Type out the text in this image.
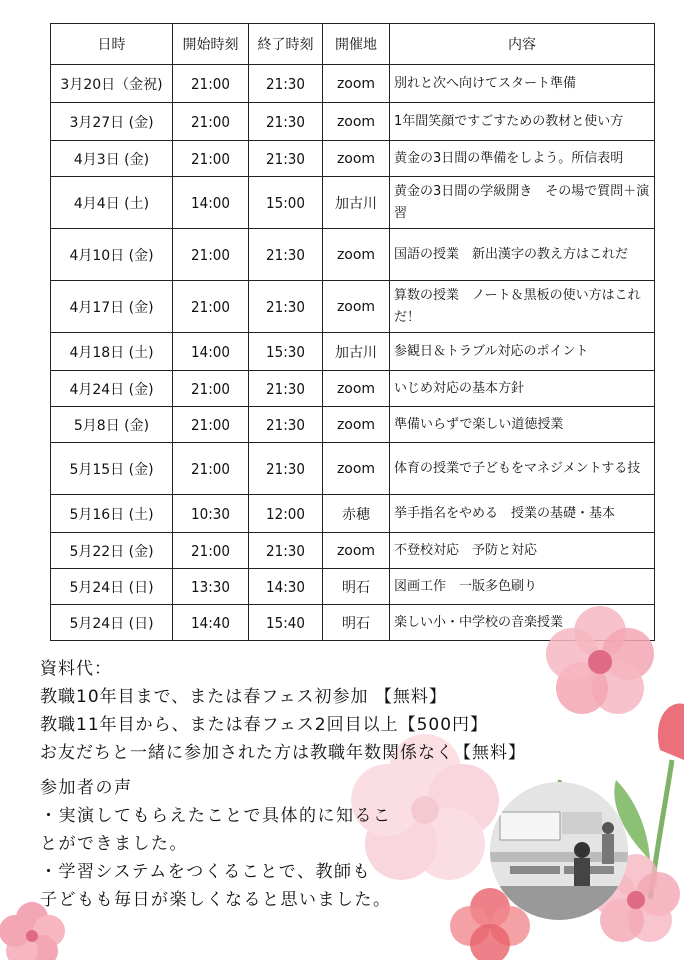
日時	開始時刻	終了時刻	開催地	内容
3月20日（金祝)	21:00	21:30	zoom	別れと次へ向けてスタート準備
3月27日 (金)	21:00	21:30	zoom	1年間笑顔ですごすための教材と使い方
4月3日 (金)	21:00	21:30	zoom	黄金の3日間の準備をしよう。所信表明
4月4日 (土)	14:00	15:00	加古川	黄金の3日間の学級開き　その場で質問＋演習
4月10日 (金)	21:00	21:30	zoom	国語の授業　新出漢字の教え方はこれだ
4月17日 (金)	21:00	21:30	zoom	算数の授業　ノート＆黒板の使い方はこれだ！
4月18日 (土)	14:00	15:30	加古川	参観日＆トラブル対応のポイント
4月24日 (金)	21:00	21:30	zoom	いじめ対応の基本方針
5月8日 (金)	21:00	21:30	zoom	準備いらずで楽しい道徳授業
5月15日 (金)	21:00	21:30	zoom	体育の授業で子どもをマネジメントする技
5月16日 (土)	10:30	12:00	赤穂	挙手指名をやめる　授業の基礎・基本
5月22日 (金)	21:00	21:30	zoom	不登校対応　予防と対応
5月24日 (日)	13:30	14:30	明石	図画工作　一版多色刷り
5月24日 (日)	14:40	15:40	明石	楽しい小・中学校の音楽授業
資料代：
教職10年目まで、または春フェス初参加 【無料】
教職11年目から、または春フェス2回目以上【500円】
お友だちと一緒に参加された方は教職年数関係なく【無料】
参加者の声
・実演してもらえたことで具体的に知るこ
とができました。
・学習システムをつくることで、教師も
子どもも毎日が楽しくなると思いました。
